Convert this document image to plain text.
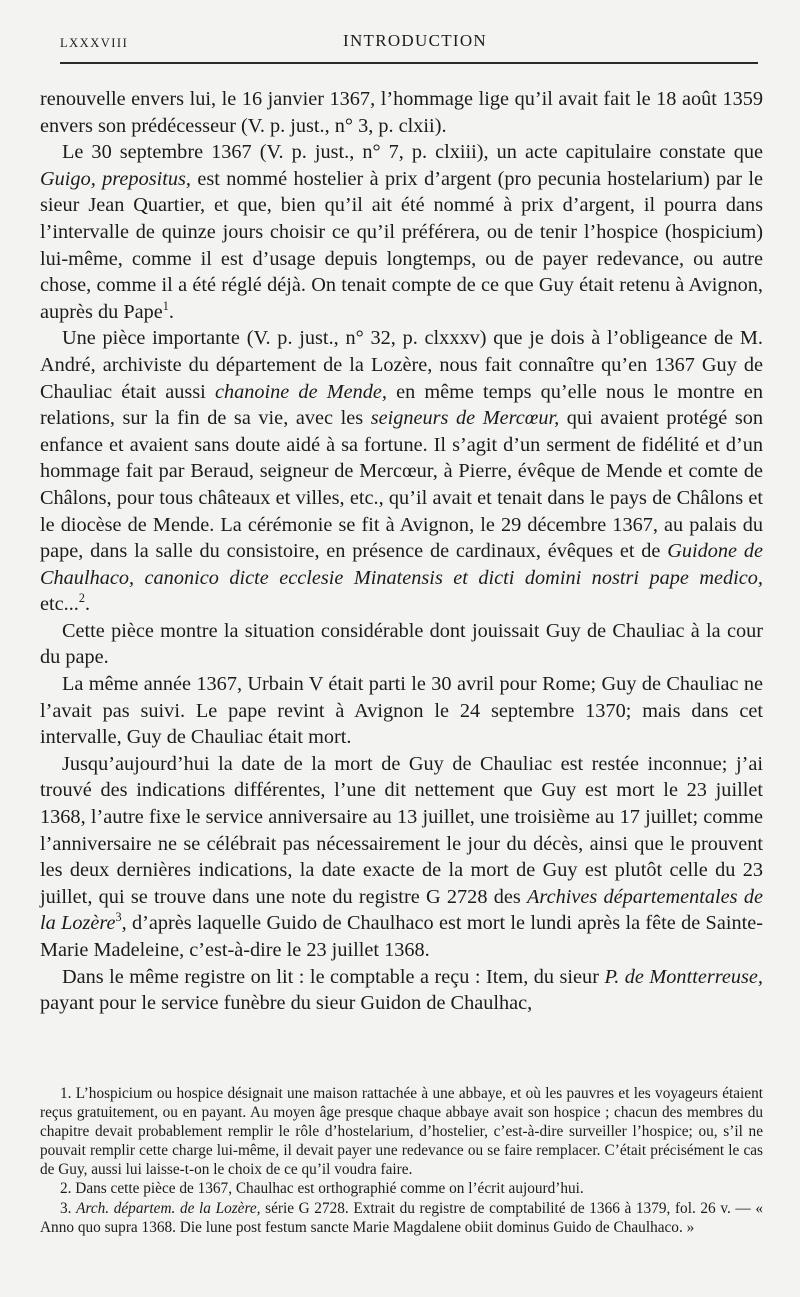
LXXXVIII	INTRODUCTION

renouvelle envers lui, le 16 janvier 1367, l’hommage lige qu’il avait fait le 18 août 1359 envers son prédécesseur (V. p. just., n° 3, p. clxii).

Le 30 septembre 1367 (V. p. just., n° 7, p. clxiii), un acte capitulaire constate que Guigo, prepositus, est nommé hostelier à prix d’argent (pro pecunia hostelarium) par le sieur Jean Quartier, et que, bien qu’il ait été nommé à prix d’argent, il pourra dans l’intervalle de quinze jours choisir ce qu’il préférera, ou de tenir l’hospice (hospicium) lui-même, comme il est d’usage depuis longtemps, ou de payer redevance, ou autre chose, comme il a été réglé déjà. On tenait compte de ce que Guy était retenu à Avignon, auprès du Pape$^1$.

Une pièce importante (V. p. just., n° 32, p. clxxxv) que je dois à l’obligeance de M. André, archiviste du département de la Lozère, nous fait connaître qu’en 1367 Guy de Chauliac était aussi chanoine de Mende, en même temps qu’elle nous le montre en relations, sur la fin de sa vie, avec les seigneurs de Mercœur, qui avaient protégé son enfance et avaient sans doute aidé à sa fortune. Il s’agit d’un serment de fidélité et d’un hommage fait par Beraud, seigneur de Mercœur, à Pierre, évêque de Mende et comte de Châlons, pour tous châteaux et villes, etc., qu’il avait et tenait dans le pays de Châlons et le diocèse de Mende. La cérémonie se fit à Avignon, le 29 décembre 1367, au palais du pape, dans la salle du consistoire, en présence de cardinaux, évêques et de Guidone de Chaulhaco, canonico dicte ecclesie Minatensis et dicti domini nostri pape medico, etc...$^2$.

Cette pièce montre la situation considérable dont jouissait Guy de Chauliac à la cour du pape.

La même année 1367, Urbain V était parti le 30 avril pour Rome; Guy de Chauliac ne l’avait pas suivi. Le pape revint à Avignon le 24 septembre 1370; mais dans cet intervalle, Guy de Chauliac était mort.

Jusqu’aujourd’hui la date de la mort de Guy de Chauliac est restée inconnue; j’ai trouvé des indications différentes, l’une dit nettement que Guy est mort le 23 juillet 1368, l’autre fixe le service anniversaire au 13 juillet, une troisième au 17 juillet; comme l’anniversaire ne se célébrait pas nécessairement le jour du décès, ainsi que le prouvent les deux dernières indications, la date exacte de la mort de Guy est plutôt celle du 23 juillet, qui se trouve dans une note du registre G 2728 des Archives départementales de la Lozère$^3$, d’après laquelle Guido de Chaulhaco est mort le lundi après la fête de Sainte-Marie Madeleine, c’est-à-dire le 23 juillet 1368.

Dans le même registre on lit : le comptable a reçu : Item, du sieur P. de Montterreuse, payant pour le service funèbre du sieur Guidon de Chaulhac,

1. L’hospicium ou hospice désignait une maison rattachée à une abbaye, et où les pauvres et les voyageurs étaient reçus gratuitement, ou en payant. Au moyen âge presque chaque abbaye avait son hospice ; chacun des membres du chapitre devait probablement remplir le rôle d’hostelarium, d’hostelier, c’est-à-dire surveiller l’hospice; ou, s’il ne pouvait remplir cette charge lui-même, il devait payer une redevance ou se faire remplacer. C’était précisément le cas de Guy, aussi lui laisse-t-on le choix de ce qu’il voudra faire.

2. Dans cette pièce de 1367, Chaulhac est orthographié comme on l’écrit aujourd’hui.

3. Arch. départem. de la Lozère, série G 2728. Extrait du registre de comptabilité de 1366 à 1379, fol. 26 v. — « Anno quo supra 1368. Die lune post festum sancte Marie Magdalene obiit dominus Guido de Chaulhaco. »
